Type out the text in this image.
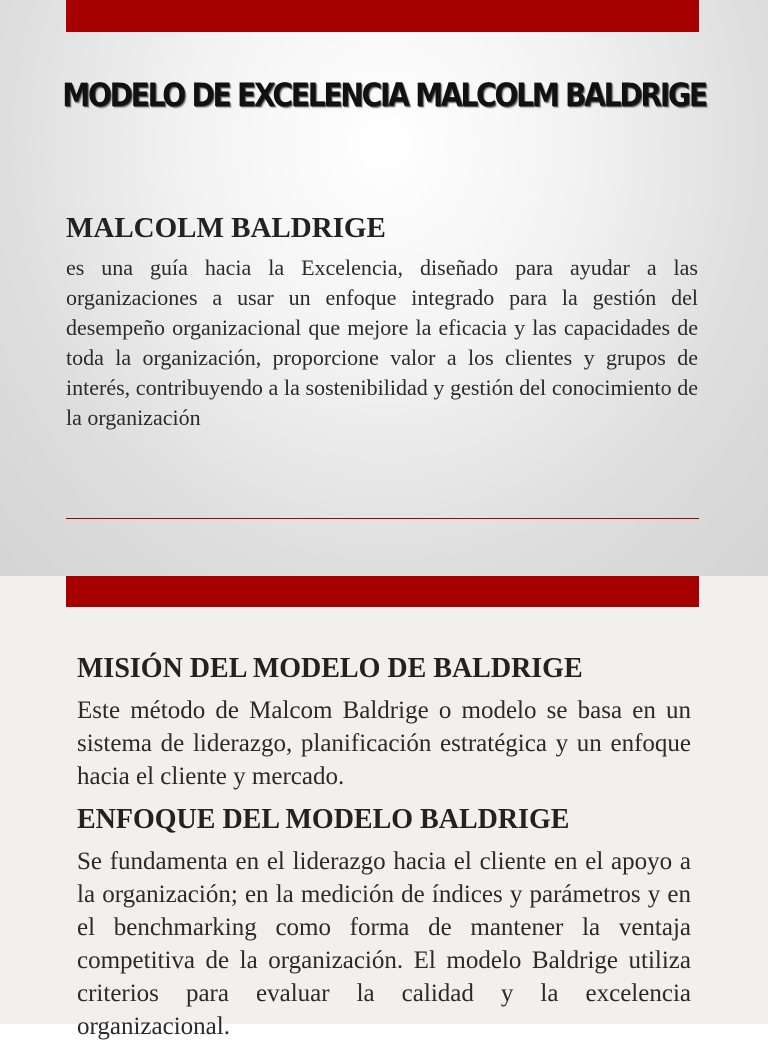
MODELO DE EXCELENCIA MALCOLM BALDRIGE
MALCOLM BALDRIGE

es una guía hacia la Excelencia, diseñado para ayudar a las organizaciones a usar un enfoque integrado para la gestión del desempeño organizacional que mejore la eficacia y las capacidades de toda la organización, proporcione valor a los clientes y grupos de interés, contribuyendo a la sostenibilidad y gestión del conocimiento de la organización

MISIÓN DEL MODELO DE BALDRIGE

Este método de Malcom Baldrige o modelo se basa en un sistema de liderazgo, planificación estratégica y un enfoque hacia el cliente y mercado.

ENFOQUE DEL MODELO BALDRIGE

Se fundamenta en el liderazgo hacia el cliente en el apoyo a la organización; en la medición de índices y parámetros y en el benchmarking como forma de mantener la ventaja competitiva de la organización. El modelo Baldrige utiliza criterios para evaluar la calidad y la excelencia organizacional.
